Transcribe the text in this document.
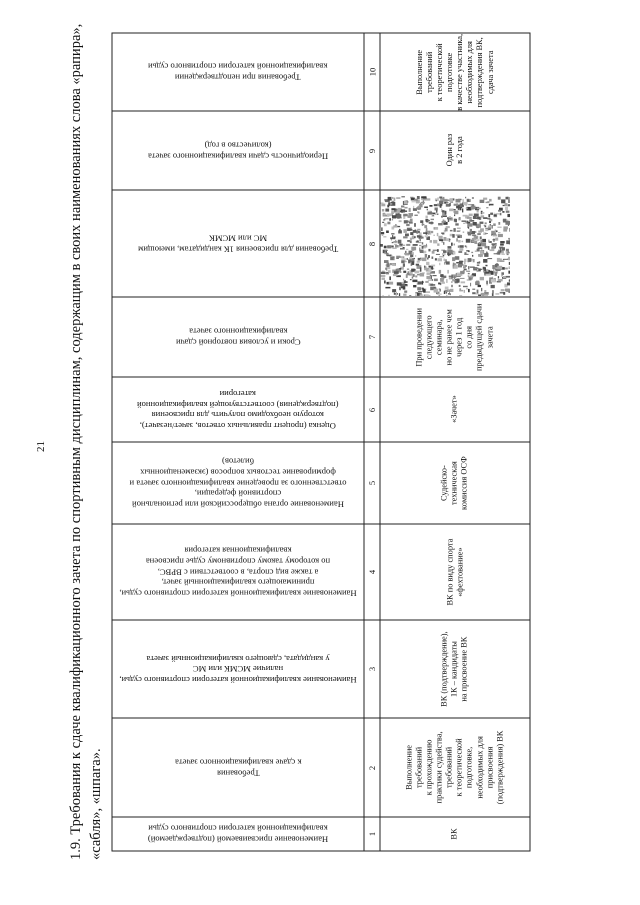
21 1.9. Требования к сдаче квалификационного зачета по спортивным дисциплинам, содержащим в своих наименованиях слова «рапира», «сабля», «шпага».	Наименование присваиваемой (подтверждаемой) квалификационной категории спортивного судьи
Требования
к сдаче квалификационного зачета
Наименование квалификационной категории спортивного судьи, наличие МСМК или МС
у кандидата, сдающего квалификационный зачета
Наименование квалификационной категории спортивного судьи, принимающего квалификационный зачет,
а также вид спорта, в соответствии с ВРВС,
по которому такому спортивному судье присвоена
квалификационная категория
Наименование органа общероссийской или региональной спортивной федерации,
ответственного за проведение квалификационного зачета и
формирование тестовых вопросов (экзаменационных
билетов)
Оценка (процент правильных ответов, зачет/незачет),
которую необходимо получить для присвоения
(подтверждения) соответствующей квалификационной
категории
Сроки и условия повторной сдачи
квалификационного зачета
Требования для присвоения 1К кандидатам, имеющим
МС или МСМК
Периодичность сдачи квалификационного зачета
(количество в год)
Требования при неподтверждении
квалификационной категории спортивного судьи
1
2
3
4
5
6
7
8
9
10
ВК
Выполнение
требований
к прохождению
практики судейства,
требований
к теоретической
подготовке,
необходимых для
присвоения
(подтверждения) ВК
ВК (подтверждение),
1К – кандидаты
на присвоение ВК
ВК по виду спорта
«фехтование»
Судейско-
техническая
комиссия ОСФ
«Зачет»
При проведении
следующего
семинара,
но не ранее чем
через 1 год
со дня
предыдущей сдачи
зачета
Один раз
в 2 года
Выполнение
требований
к теоретической
подготовке
в качестве участника,
необходимых для
подтверждения ВК,
сдача зачета
